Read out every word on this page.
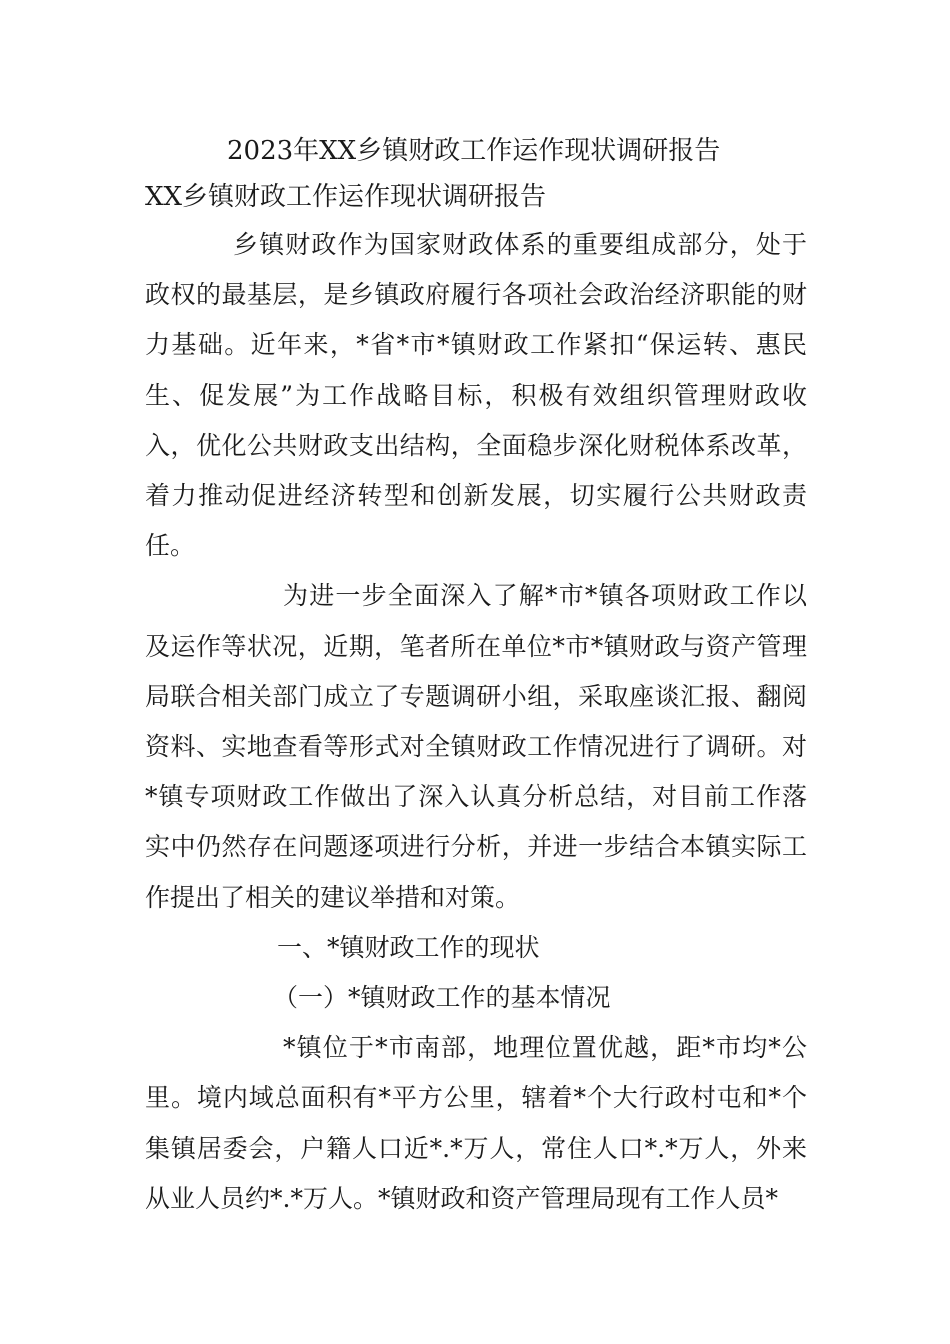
2023年XX乡镇财政工作运作现状调研报告
XX乡镇财政工作运作现状调研报告

乡镇财政作为国家财政体系的重要组成部分，处于政权的最基层，是乡镇政府履行各项社会政治经济职能的财力基础。近年来，*省*市*镇财政工作紧扣“保运转、惠民生、促发展”为工作战略目标，积极有效组织管理财政收入，优化公共财政支出结构，全面稳步深化财税体系改革，着力推动促进经济转型和创新发展，切实履行公共财政责任。

为进一步全面深入了解*市*镇各项财政工作以及运作等状况，近期，笔者所在单位*市*镇财政与资产管理局联合相关部门成立了专题调研小组，采取座谈汇报、翻阅资料、实地查看等形式对全镇财政工作情况进行了调研。对*镇专项财政工作做出了深入认真分析总结，对目前工作落实中仍然存在问题逐项进行分析，并进一步结合本镇实际工作提出了相关的建议举措和对策。

一、*镇财政工作的现状
（一）*镇财政工作的基本情况

*镇位于*市南部，地理位置优越，距*市均*公里。境内域总面积有*平方公里，辖着*个大行政村屯和*个集镇居委会，户籍人口近*.*万人，常住人口*.*万人，外来从业人员约*.*万人。*镇财政和资产管理局现有工作人员*
